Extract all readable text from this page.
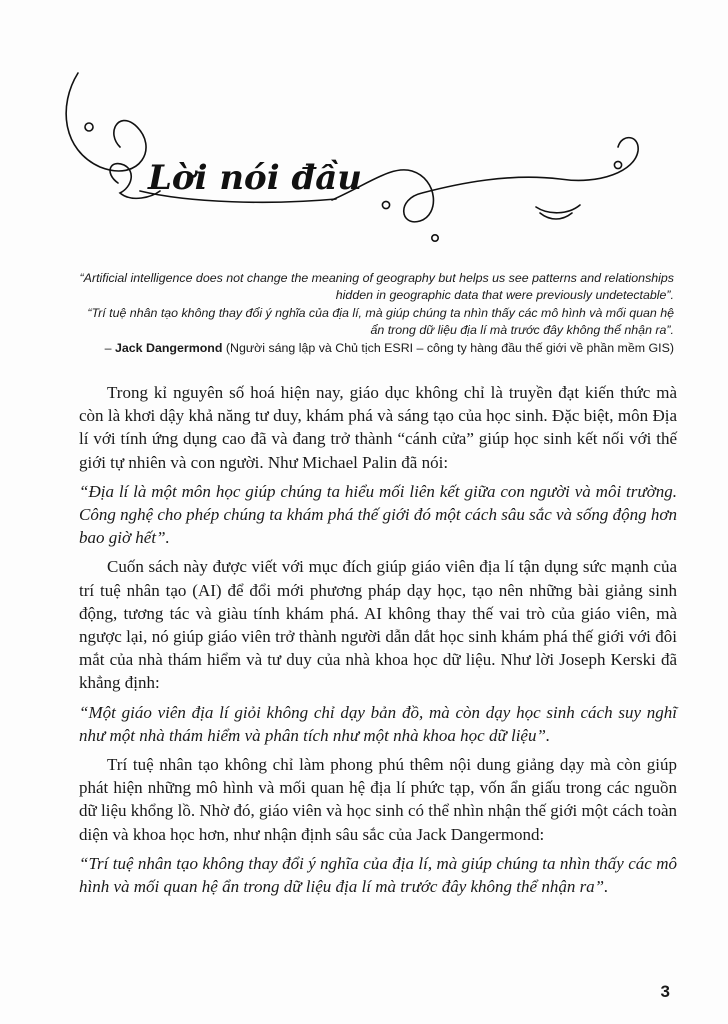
Lời nói đầu

“Artificial intelligence does not change the meaning of geography but helps us see patterns and relationships hidden in geographic data that were previously undetectable”.

“Trí tuệ nhân tạo không thay đổi ý nghĩa của địa lí, mà giúp chúng ta nhìn thấy các mô hình và mối quan hệ ẩn trong dữ liệu địa lí mà trước đây không thể nhận ra”.

– Jack Dangermond (Người sáng lập và Chủ tịch ESRI – công ty hàng đầu thế giới về phần mềm GIS)

Trong kỉ nguyên số hoá hiện nay, giáo dục không chỉ là truyền đạt kiến thức mà còn là khơi dậy khả năng tư duy, khám phá và sáng tạo của học sinh. Đặc biệt, môn Địa lí với tính ứng dụng cao đã và đang trở thành “cánh cửa” giúp học sinh kết nối với thế giới tự nhiên và con người. Như Michael Palin đã nói:

“Địa lí là một môn học giúp chúng ta hiểu mối liên kết giữa con người và môi trường. Công nghệ cho phép chúng ta khám phá thế giới đó một cách sâu sắc và sống động hơn bao giờ hết”.

Cuốn sách này được viết với mục đích giúp giáo viên địa lí tận dụng sức mạnh của trí tuệ nhân tạo (AI) để đổi mới phương pháp dạy học, tạo nên những bài giảng sinh động, tương tác và giàu tính khám phá. AI không thay thế vai trò của giáo viên, mà ngược lại, nó giúp giáo viên trở thành người dẫn dắt học sinh khám phá thế giới với đôi mắt của nhà thám hiểm và tư duy của nhà khoa học dữ liệu. Như lời Joseph Kerski đã khẳng định:

“Một giáo viên địa lí giỏi không chỉ dạy bản đồ, mà còn dạy học sinh cách suy nghĩ như một nhà thám hiểm và phân tích như một nhà khoa học dữ liệu”.

Trí tuệ nhân tạo không chỉ làm phong phú thêm nội dung giảng dạy mà còn giúp phát hiện những mô hình và mối quan hệ địa lí phức tạp, vốn ẩn giấu trong các nguồn dữ liệu khổng lồ. Nhờ đó, giáo viên và học sinh có thể nhìn nhận thế giới một cách toàn diện và khoa học hơn, như nhận định sâu sắc của Jack Dangermond:

“Trí tuệ nhân tạo không thay đổi ý nghĩa của địa lí, mà giúp chúng ta nhìn thấy các mô hình và mối quan hệ ẩn trong dữ liệu địa lí mà trước đây không thể nhận ra”.

3
